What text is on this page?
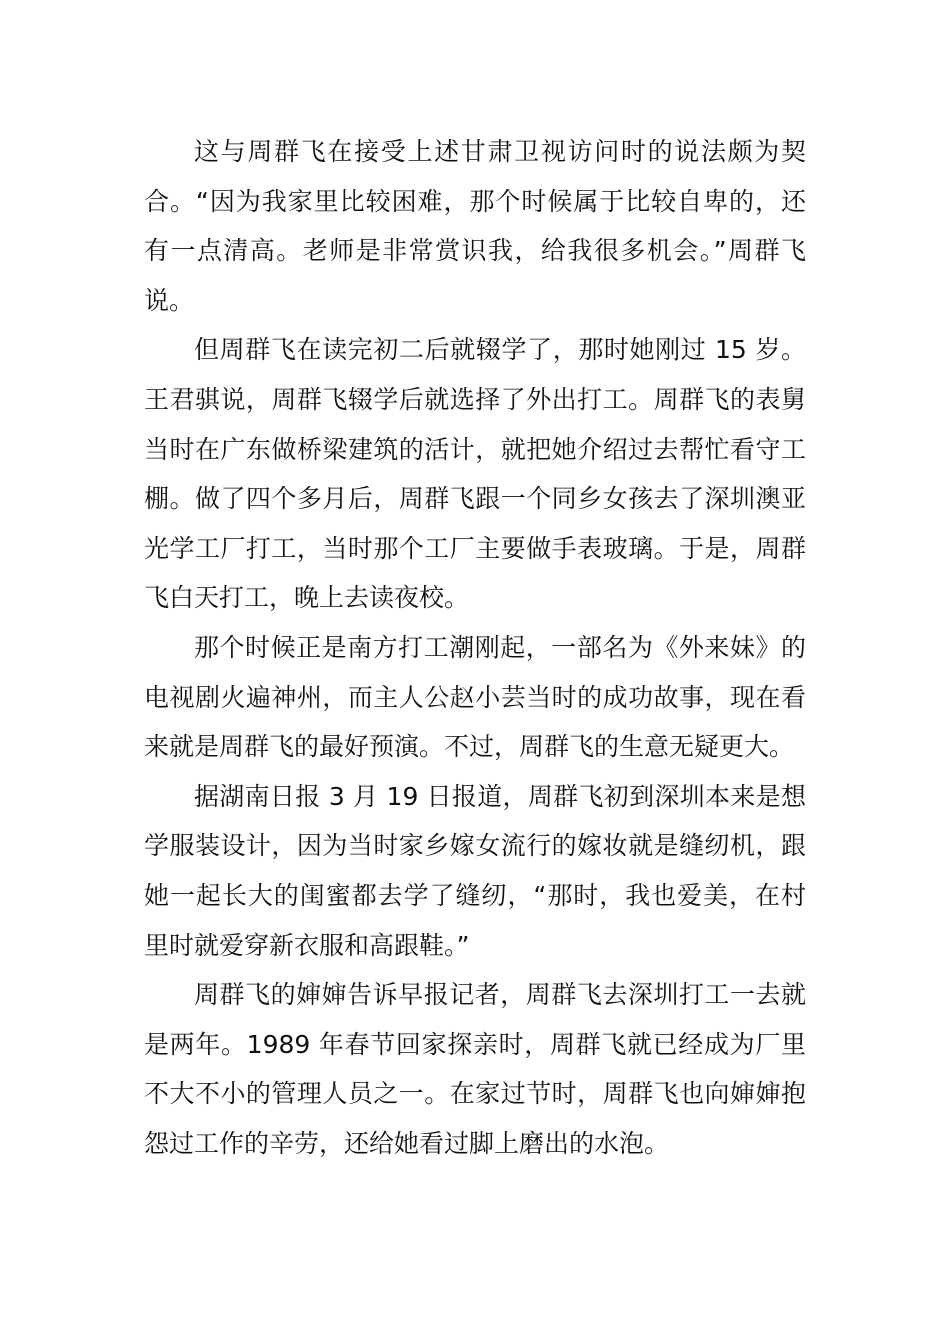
这与周群飞在接受上述甘肃卫视访问时的说法颇为契合。“因为我家里比较困难，那个时候属于比较自卑的，还有一点清高。老师是非常赏识我，给我很多机会。”周群飞说。

但周群飞在读完初二后就辍学了，那时她刚过 15 岁。王君骐说，周群飞辍学后就选择了外出打工。周群飞的表舅当时在广东做桥梁建筑的活计，就把她介绍过去帮忙看守工棚。做了四个多月后，周群飞跟一个同乡女孩去了深圳澳亚光学工厂打工，当时那个工厂主要做手表玻璃。于是，周群飞白天打工，晚上去读夜校。

那个时候正是南方打工潮刚起，一部名为《外来妹》的电视剧火遍神州，而主人公赵小芸当时的成功故事，现在看来就是周群飞的最好预演。不过，周群飞的生意无疑更大。

据湖南日报 3 月 19 日报道，周群飞初到深圳本来是想学服装设计，因为当时家乡嫁女流行的嫁妆就是缝纫机，跟她一起长大的闺蜜都去学了缝纫，“那时，我也爱美，在村里时就爱穿新衣服和高跟鞋。”

周群飞的婶婶告诉早报记者，周群飞去深圳打工一去就是两年。1989 年春节回家探亲时，周群飞就已经成为厂里不大不小的管理人员之一。在家过节时，周群飞也向婶婶抱怨过工作的辛劳，还给她看过脚上磨出的水泡。
